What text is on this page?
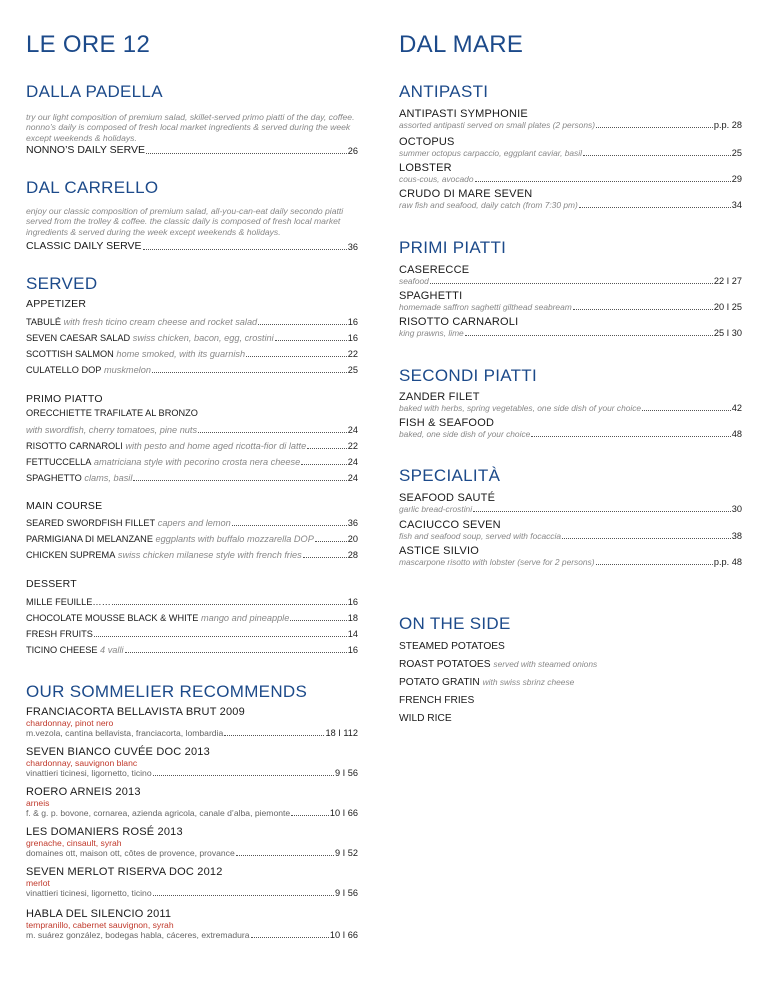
LE ORE 12
DALLA PADELLA
try our light composition of premium salad, skillet-served primo piatti of the day, coffee. nonno’s daily is composed of fresh local market ingredients & served during the week except weekends & holidays.
NONNO’S DAILY SERVE	26
DAL CARRELLO
enjoy our classic composition of premium salad, all-you-can-eat daily secondo piatti served from the trolley & coffee. the classic daily is composed of fresh local market ingredients & served during the week except weekends & holidays.
CLASSIC DAILY SERVE	36
SERVED
APPETIZER
TABULÉ
with fresh ticino cream cheese and rocket salad	16
SEVEN CAESAR SALAD
swiss chicken, bacon, egg, crostini	16
SCOTTISH SALMON
home smoked, with its guarnish	22
CULATELLO DOP
muskmelon	25
PRIMO PIATTO
ORECCHIETTE TRAFILATE AL BRONZO
with swordfish, cherry tomatoes, pine nuts	24
RISOTTO CARNAROLI
with pesto and home aged ricotta-fior di latte	22
FETTUCCELLA
amatriciana style with pecorino crosta nera cheese	24
SPAGHETTO
clams, basil	24
MAIN COURSE
SEARED SWORDFISH FILLET
capers and lemon	36
PARMIGIANA DI MELANZANE
eggplants with buffalo mozzarella DOP	20
CHICKEN SUPREMA
swiss chicken milanese style with french fries	28
DESSERT
MILLE FEUILLE……	16
CHOCOLATE MOUSSE BLACK & WHITE
mango and pineapple	18
FRESH FRUITS	14
TICINO CHEESE
4 valli	16
OUR SOMMELIER RECOMMENDS
FRANCIACORTA BELLAVISTA BRUT 2009
chardonnay, pinot nero
m.vezola, cantina bellavista, franciacorta, lombardia	18 I 112
SEVEN BIANCO CUVÉE DOC 2013
chardonnay, sauvignon blanc
vinattieri ticinesi, ligornetto, ticino	9 I 56
ROERO ARNEIS 2013
arneis
f. & g. p. bovone, cornarea, azienda agricola, canale d’alba, piemonte	10 I 66
LES DOMANIERS ROSÉ 2013
grenache, cinsault, syrah
domaines ott, maison ott, côtes de provence, provance	9 I 52
SEVEN MERLOT RISERVA DOC 2012
merlot
vinattieri ticinesi, ligornetto, ticino	9 I 56
HABLA DEL SILENCIO 2011
tempranillo, cabernet sauvignon, syrah
m. suárez gonzález, bodegas habla, cáceres, extremadura	10 I 66
DAL MARE
ANTIPASTI
ANTIPASTI SYMPHONIE
assorted antipasti served on small plates (2 persons)	p.p. 28
OCTOPUS
summer octopus carpaccio, eggplant caviar, basil	25
LOBSTER
cous-cous, avocado	29
CRUDO DI MARE SEVEN
raw fish and seafood, daily catch (from 7:30 pm)	34
PRIMI PIATTI
CASERECCE
seafood	22 I 27
SPAGHETTI
homemade saffron saghetti gilthead seabream	20 I 25
RISOTTO CARNAROLI
king prawns, lime	25 I 30
SECONDI PIATTI
ZANDER FILET
baked with herbs, spring vegetables, one side dish of your choice	42
FISH & SEAFOOD
baked, one side dish of your choice	48
SPECIALITÀ
SEAFOOD SAUTÉ
garlic bread-crostini	30
CACIUCCO SEVEN
fish and seafood soup, served with focaccia	38
ASTICE SILVIO
mascarpone risotto with lobster (serve for 2 persons)	p.p. 48
ON THE SIDE
STEAMED POTATOES
ROAST POTATOES served with steamed onions
POTATO GRATIN with swiss sbrinz cheese
FRENCH FRIES
WILD RICE
